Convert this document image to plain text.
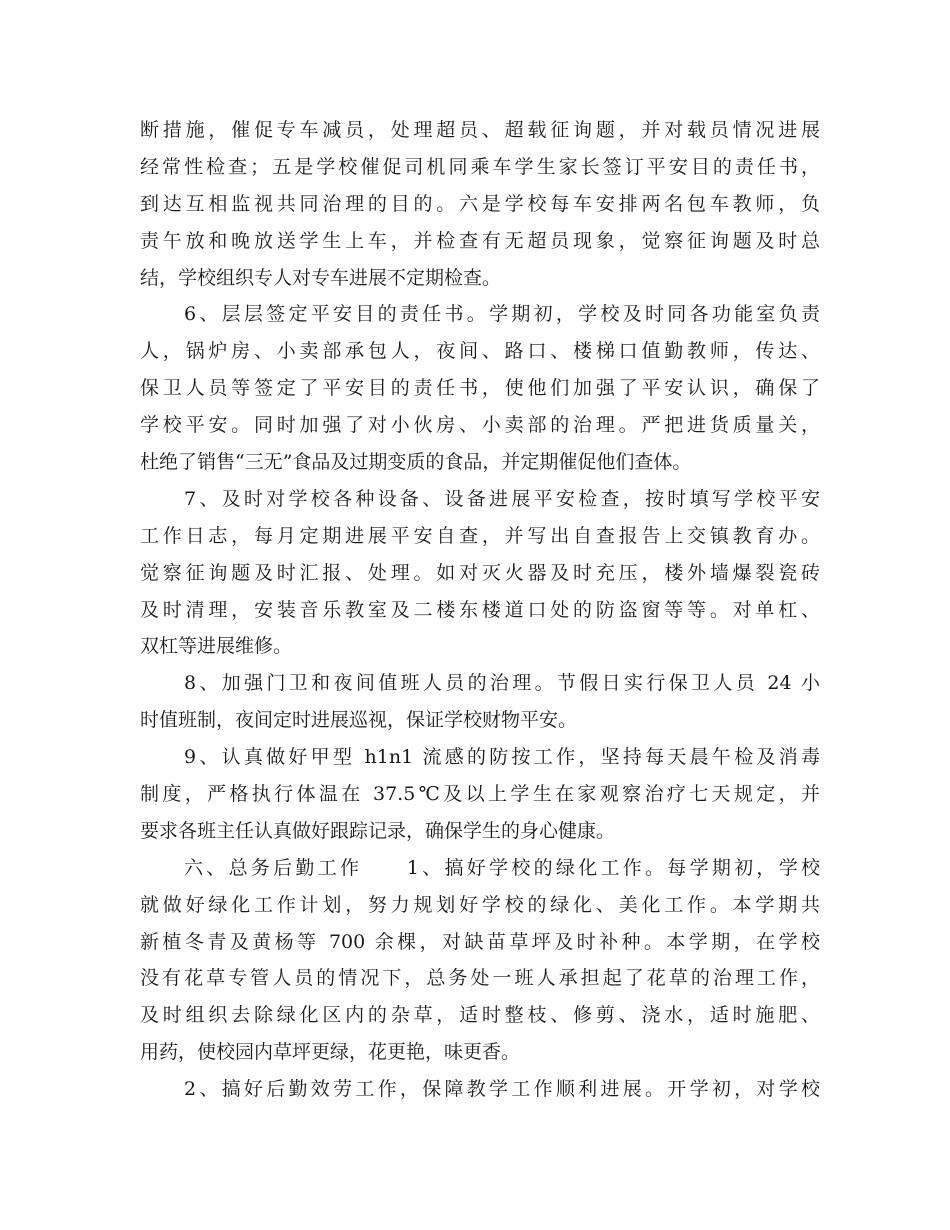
断措施，催促专车减员，处理超员、超载征询题，并对载员情况进展
经常性检查；五是学校催促司机同乘车学生家长签订平安目的责任书，
到达互相监视共同治理的目的。六是学校每车安排两名包车教师，负
责午放和晚放送学生上车，并检查有无超员现象，觉察征询题及时总
结，学校组织专人对专车进展不定期检查。
6、层层签定平安目的责任书。学期初，学校及时同各功能室负责
人，锅炉房、小卖部承包人，夜间、路口、楼梯口值勤教师，传达、
保卫人员等签定了平安目的责任书，使他们加强了平安认识，确保了
学校平安。同时加强了对小伙房、小卖部的治理。严把进货质量关，
杜绝了销售“三无”食品及过期变质的食品，并定期催促他们查体。
7、及时对学校各种设备、设备进展平安检查，按时填写学校平安
工作日志，每月定期进展平安自查，并写出自查报告上交镇教育办。
觉察征询题及时汇报、处理。如对灭火器及时充压，楼外墙爆裂瓷砖
及时清理，安装音乐教室及二楼东楼道口处的防盗窗等等。对单杠、
双杠等进展维修。
8、加强门卫和夜间值班人员的治理。节假日实行保卫人员 24 小
时值班制，夜间定时进展巡视，保证学校财物平安。
9、认真做好甲型 h1n1 流感的防按工作，坚持每天晨午检及消毒
制度，严格执行体温在 37.5℃及以上学生在家观察治疗七天规定，并
要求各班主任认真做好跟踪记录，确保学生的身心健康。
六、总务后勤工作　　1、搞好学校的绿化工作。每学期初，学校
就做好绿化工作计划，努力规划好学校的绿化、美化工作。本学期共
新植冬青及黄杨等 700 余棵，对缺苗草坪及时补种。本学期，在学校
没有花草专管人员的情况下，总务处一班人承担起了花草的治理工作，
及时组织去除绿化区内的杂草，适时整枝、修剪、浇水，适时施肥、
用药，使校园内草坪更绿，花更艳，味更香。
2、搞好后勤效劳工作，保障教学工作顺利进展。开学初，对学校
